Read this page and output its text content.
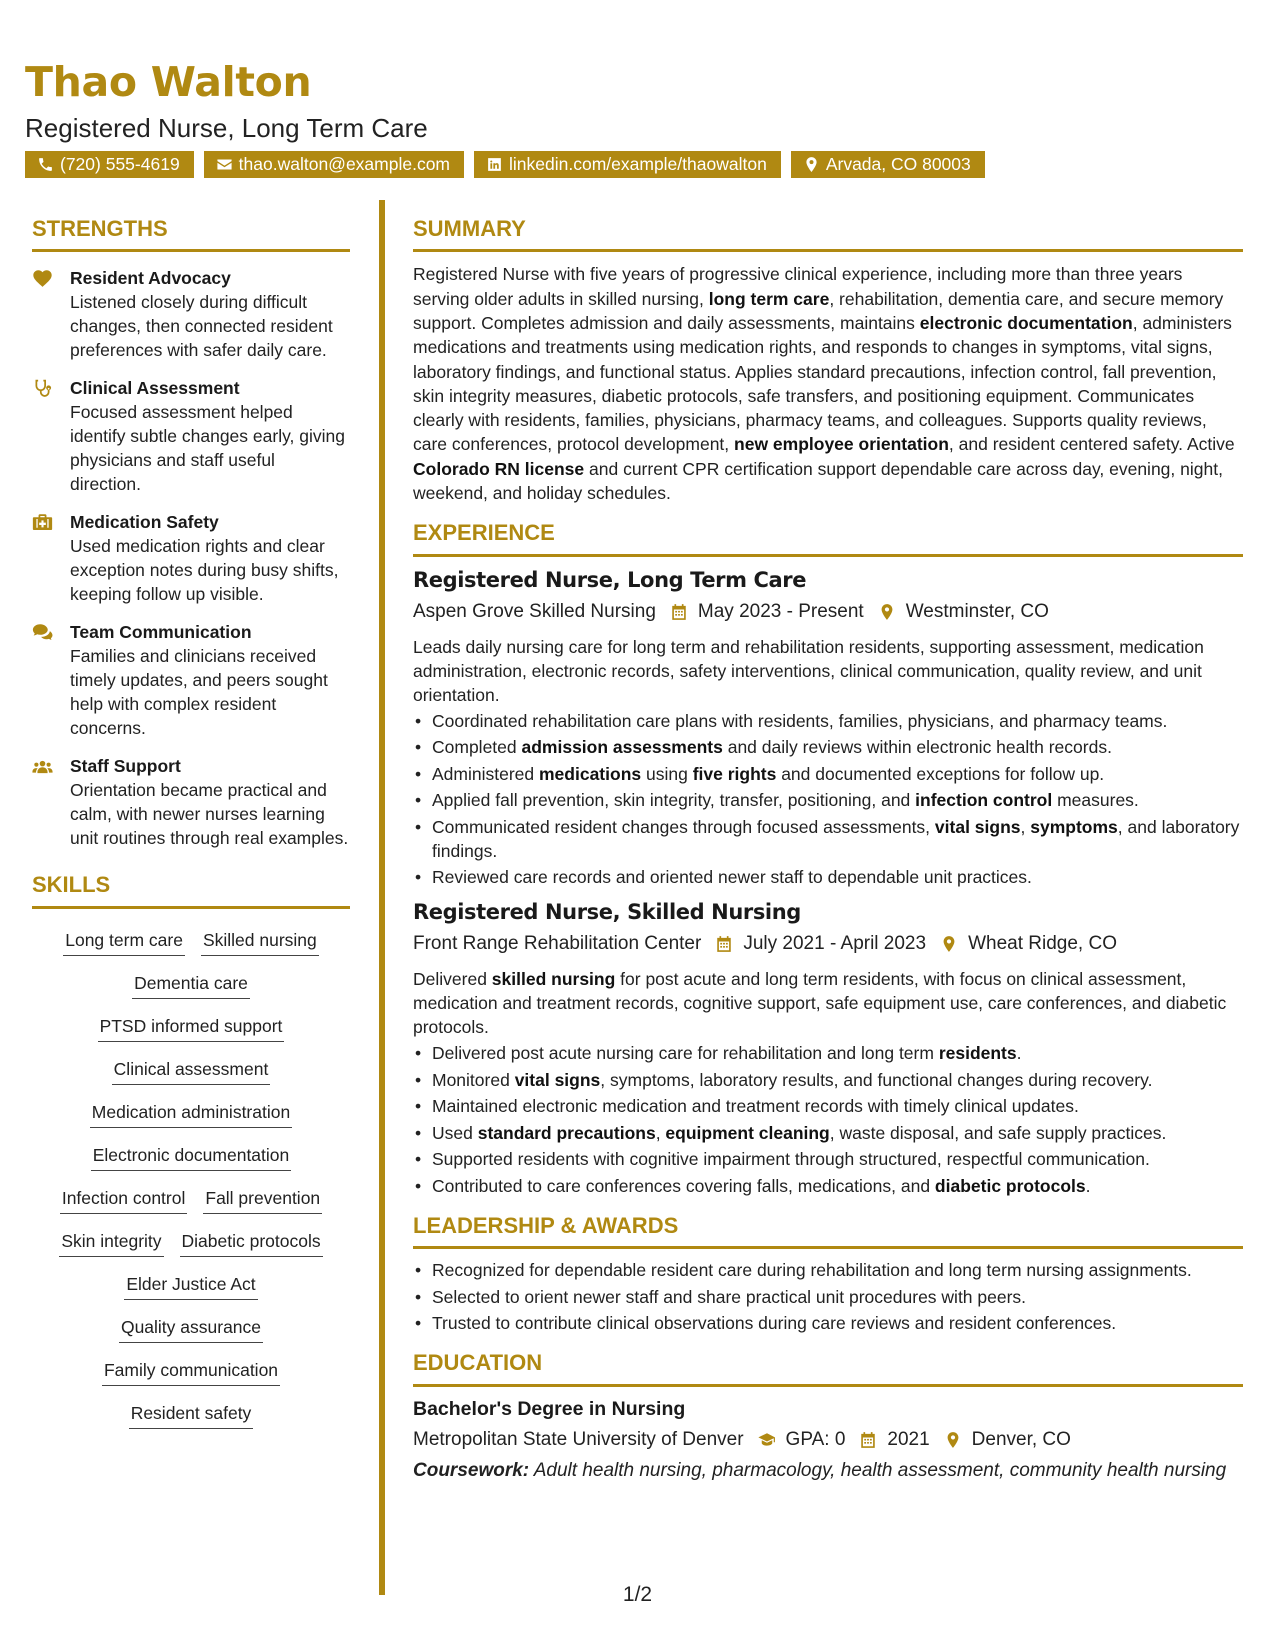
Thao Walton
Registered Nurse, Long Term Care
(720) 555-4619	thao.walton@example.com	linkedin.com/example/thaowalton	Arvada, CO 80003
STRENGTHS
Resident Advocacy
Listened closely during difficult changes, then connected resident preferences with safer daily care.
Clinical Assessment
Focused assessment helped identify subtle changes early, giving physicians and staff useful direction.
Medication Safety
Used medication rights and clear exception notes during busy shifts, keeping follow up visible.
Team Communication
Families and clinicians received timely updates, and peers sought help with complex resident concerns.
Staff Support
Orientation became practical and calm, with newer nurses learning unit routines through real examples.
SKILLS
Long term care Skilled nursing
Dementia care
PTSD informed support
Clinical assessment
Medication administration
Electronic documentation
Infection control Fall prevention
Skin integrity Diabetic protocols
Elder Justice Act
Quality assurance
Family communication
Resident safety
SUMMARY

Registered Nurse with five years of progressive clinical experience, including more than three years serving older adults in skilled nursing, long term care, rehabilitation, dementia care, and secure memory support. Completes admission and daily assessments, maintains electronic documentation, administers medications and treatments using medication rights, and responds to changes in symptoms, vital signs, laboratory findings, and functional status. Applies standard precautions, infection control, fall prevention, skin integrity measures, diabetic protocols, safe transfers, and positioning equipment. Communicates clearly with residents, families, physicians, pharmacy teams, and colleagues. Supports quality reviews, care conferences, protocol development, new employee orientation, and resident centered safety. Active Colorado RN license and current CPR certification support dependable care across day, evening, night, weekend, and holiday schedules.

EXPERIENCE
Registered Nurse, Long Term Care
Aspen Grove Skilled Nursing May 2023 - Present Westminster, CO

Leads daily nursing care for long term and rehabilitation residents, supporting assessment, medication administration, electronic records, safety interventions, clinical communication, quality review, and unit orientation.

• Coordinated rehabilitation care plans with residents, families, physicians, and pharmacy teams.
• Completed admission assessments and daily reviews within electronic health records.
• Administered medications using five rights and documented exceptions for follow up.
• Applied fall prevention, skin integrity, transfer, positioning, and infection control measures.
• Communicated resident changes through focused assessments, vital signs, symptoms, and laboratory findings.
• Reviewed care records and oriented newer staff to dependable unit practices.
Registered Nurse, Skilled Nursing
Front Range Rehabilitation Center July 2021 - April 2023 Wheat Ridge, CO

Delivered skilled nursing for post acute and long term residents, with focus on clinical assessment, medication and treatment records, cognitive support, safe equipment use, care conferences, and diabetic protocols.

• Delivered post acute nursing care for rehabilitation and long term residents.
• Monitored vital signs, symptoms, laboratory results, and functional changes during recovery.
• Maintained electronic medication and treatment records with timely clinical updates.
• Used standard precautions, equipment cleaning, waste disposal, and safe supply practices.
• Supported residents with cognitive impairment through structured, respectful communication.
• Contributed to care conferences covering falls, medications, and diabetic protocols.
LEADERSHIP & AWARDS
• Recognized for dependable resident care during rehabilitation and long term nursing assignments.
• Selected to orient newer staff and share practical unit procedures with peers.
• Trusted to contribute clinical observations during care reviews and resident conferences.
EDUCATION
Bachelor's Degree in Nursing
Metropolitan State University of Denver GPA: 0 2021 Denver, CO
Coursework: Adult health nursing, pharmacology, health assessment, community health nursing
1/2
